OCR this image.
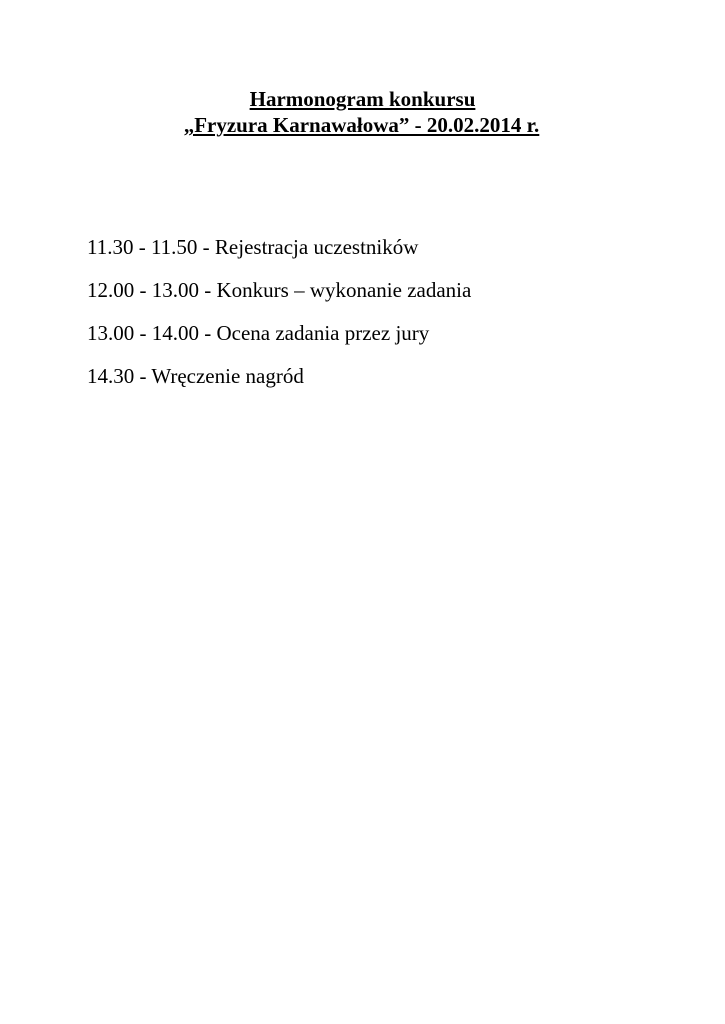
Harmonogram konkursu
„Fryzura Karnawałowa” - 20.02.2014 r.
11.30 - 11.50 - Rejestracja uczestników
12.00 - 13.00 - Konkurs – wykonanie zadania
13.00 - 14.00 - Ocena zadania przez jury
14.30 - Wręczenie nagród
